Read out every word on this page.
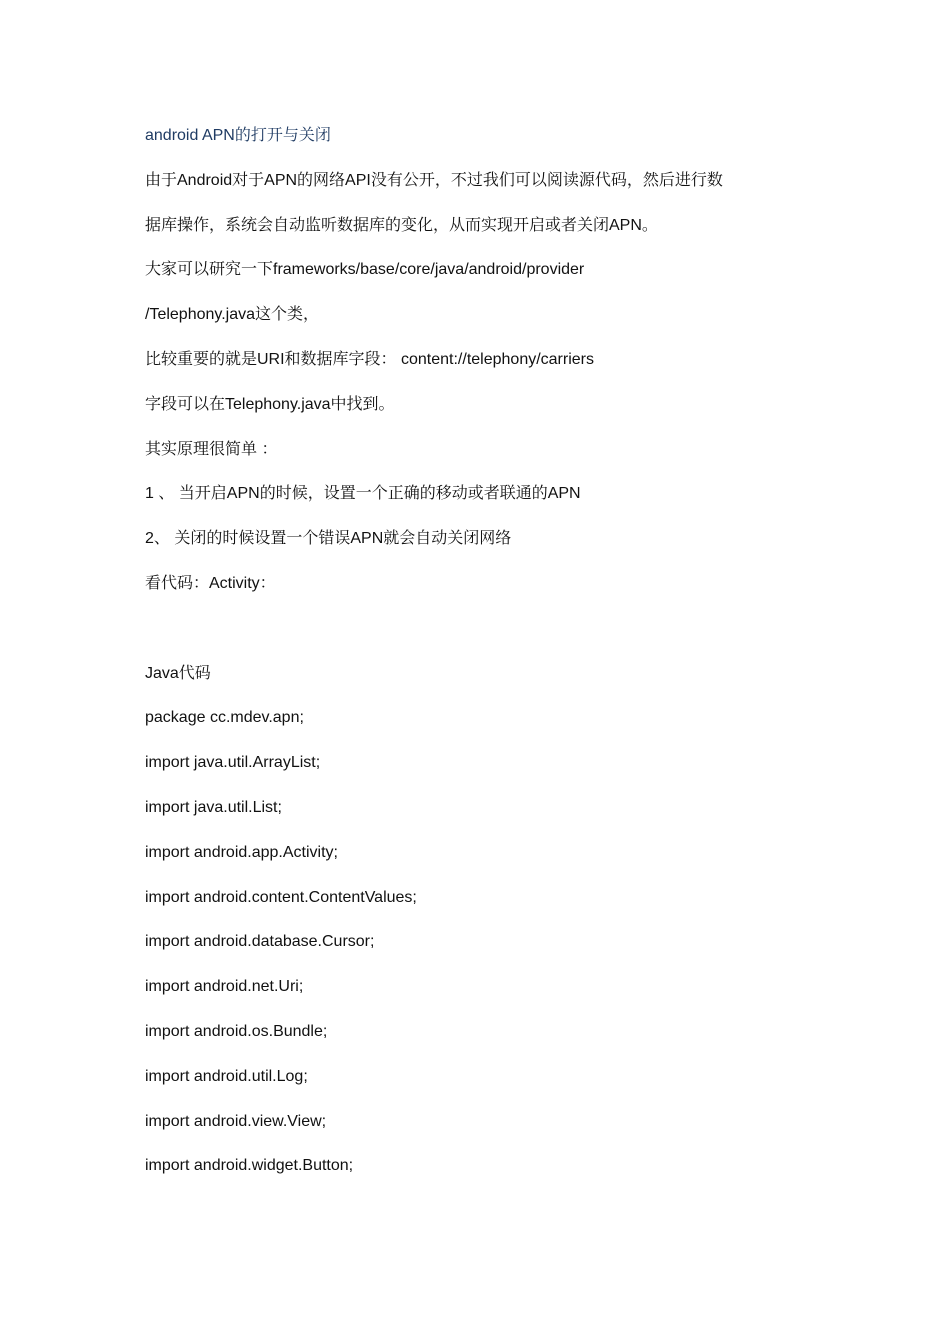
android APN的打开与关闭
由于Android对于APN的网络API没有公开，不过我们可以阅读源代码，然后进行数
据库操作，系统会自动监听数据库的变化，从而实现开启或者关闭APN。
大家可以研究一下frameworks/base/core/java/android/provider
/Telephony.java这个类，
比较重要的就是URI和数据库字段： content://telephony/carriers
字段可以在Telephony.java中找到。
其实原理很简单 ：
1 、 当开启APN的时候，设置一个正确的移动或者联通的APN
2、 关闭的时候设置一个错误APN就会自动关闭网络
看代码：Activity：
Java代码
package cc.mdev.apn;
import java.util.ArrayList;
import java.util.List;
import android.app.Activity;
import android.content.ContentValues;
import android.database.Cursor;
import android.net.Uri;
import android.os.Bundle;
import android.util.Log;
import android.view.View;
import android.widget.Button;
